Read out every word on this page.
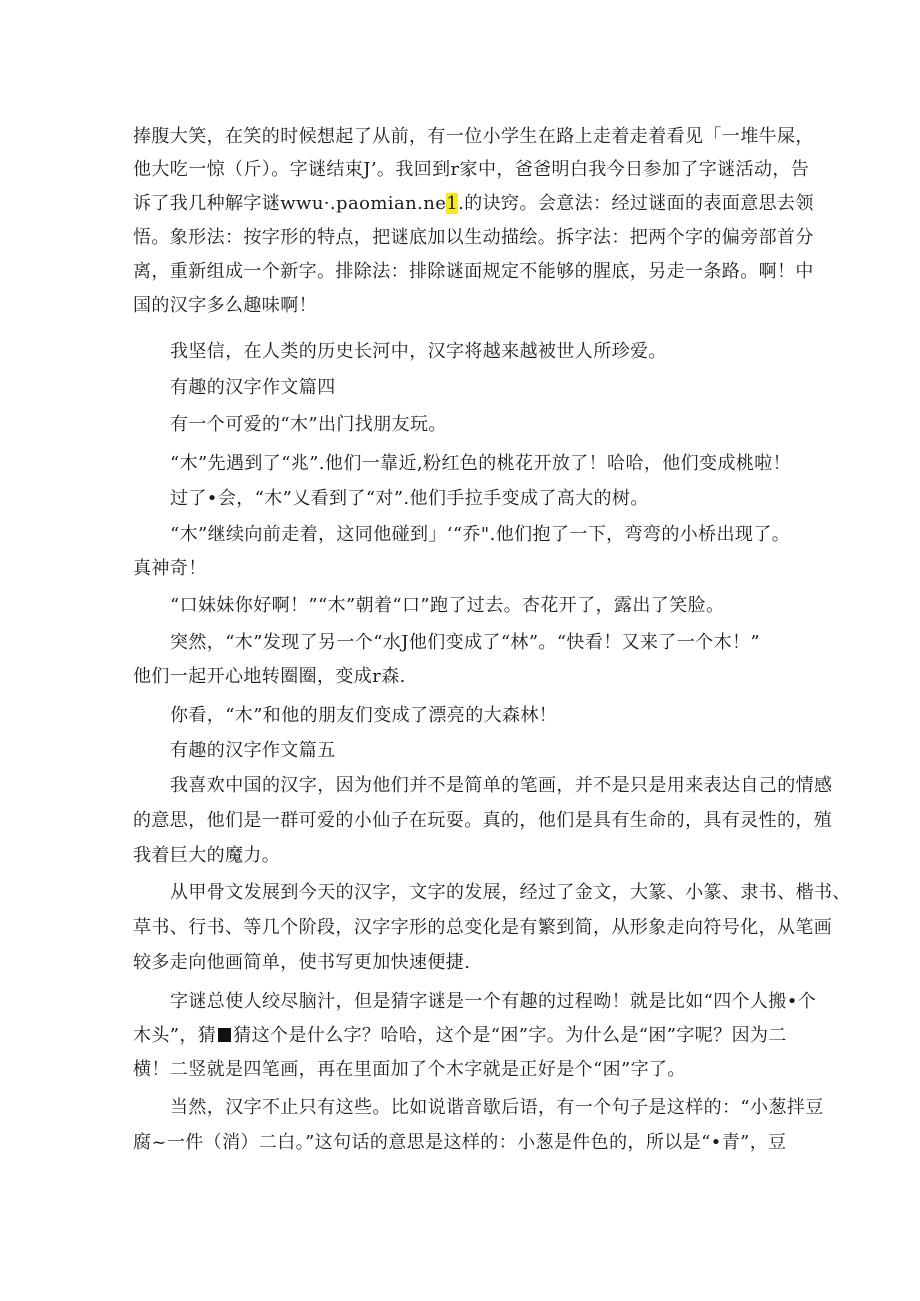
捧腹大笑，在笑的时候想起了从前，有一位小学生在路上走着走着看见「一堆牛屎，
他大吃一惊（斤）。字谜结束J’。我回到r家中，爸爸明白我今日参加了字谜活动，告
诉了我几种解字谜wwu·.paomian.ne1.的诀窍。会意法：经过谜面的表面意思去领
悟。象形法：按字形的特点，把谜底加以生动描绘。拆字法：把两个字的偏旁部首分
离，重新组成一个新字。排除法：排除谜面规定不能够的腥底，另走一条路。啊！中
国的汉字多么趣味啊！
我坚信，在人类的历史长河中，汉字将越来越被世人所珍爱。
有趣的汉字作文篇四
有一个可爱的“木”出门找朋友玩。
“木”先遇到了“兆”.他们一靠近,粉红色的桃花开放了！哈哈，他们变成桃啦！
过了•会，“木”乂看到了“对”.他们手拉手变成了高大的树。
“木”继续向前走着，这同他碰到」‘“乔".他们抱了一下，弯弯的小桥出现了。
真神奇！
“口妹妹你好啊！”“木”朝着“口”跑了过去。杏花开了，露出了笑脸。
突然，“木”发现了另一个“水J他们变成了“林”。“快看！又来了一个木！”
他们一起开心地转圈圈，变成r森.
你看，“木”和他的朋友们变成了漂亮的大森林！
有趣的汉字作文篇五
我喜欢中国的汉字，因为他们并不是简单的笔画，并不是只是用来表达自己的情感
的意思，他们是一群可爱的小仙子在玩耍。真的，他们是具有生命的，具有灵性的，殖
我着巨大的魔力。
从甲骨文发展到今天的汉字，文字的发展，经过了金文，大篆、小篆、隶书、楷书、
草书、行书、等几个阶段，汉字字形的总变化是有繁到简，从形象走向符号化，从笔画
较多走向他画简单，使书写更加快速便捷.
字谜总使人绞尽脑汁，但是猜字谜是一个有趣的过程呦！就是比如“四个人搬•个
木头”，猜 猜这个是什么字？哈哈，这个是“困”字。为什么是“困”字呢？因为二
横！二竖就是四笔画，再在里面加了个木字就是正好是个“困”字了。
当然，汉字不止只有这些。比如说谐音歇后语，有一个句子是这样的：“小葱拌豆
腐~一件（消）二白。”这句话的意思是这样的：小葱是件色的，所以是“•青”，豆
